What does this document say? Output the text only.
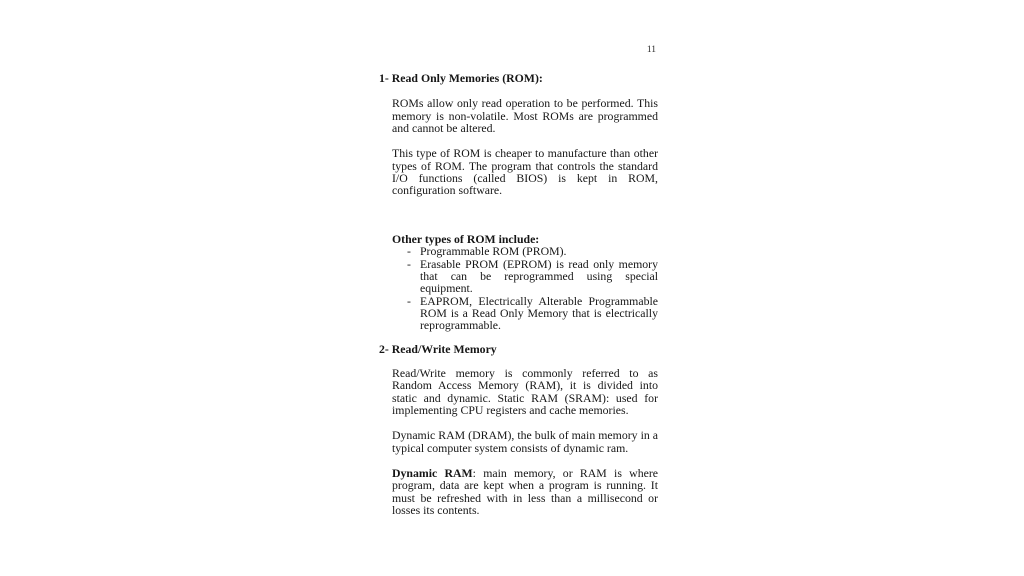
11
1- Read Only Memories (ROM):

ROMs allow only read operation to be performed. This memory is non-volatile. Most ROMs are programmed and cannot be altered.

This type of ROM is cheaper to manufacture than other types of ROM. The program that controls the standard I/O functions (called BIOS) is kept in ROM, configuration software.

Other types of ROM include:
- Programmable ROM (PROM).
- Erasable PROM (EPROM) is read only memory that can be reprogrammed using special equipment.
- EAPROM, Electrically Alterable Programmable ROM is a Read Only Memory that is electrically reprogrammable.
2- Read/Write Memory

Read/Write memory is commonly referred to as Random Access Memory (RAM), it is divided into static and dynamic. Static RAM (SRAM): used for implementing CPU registers and cache memories.

Dynamic RAM (DRAM), the bulk of main memory in a typical computer system consists of dynamic ram.

Dynamic RAM: main memory, or RAM is where program, data are kept when a program is running. It must be refreshed with in less than a millisecond or losses its contents.
